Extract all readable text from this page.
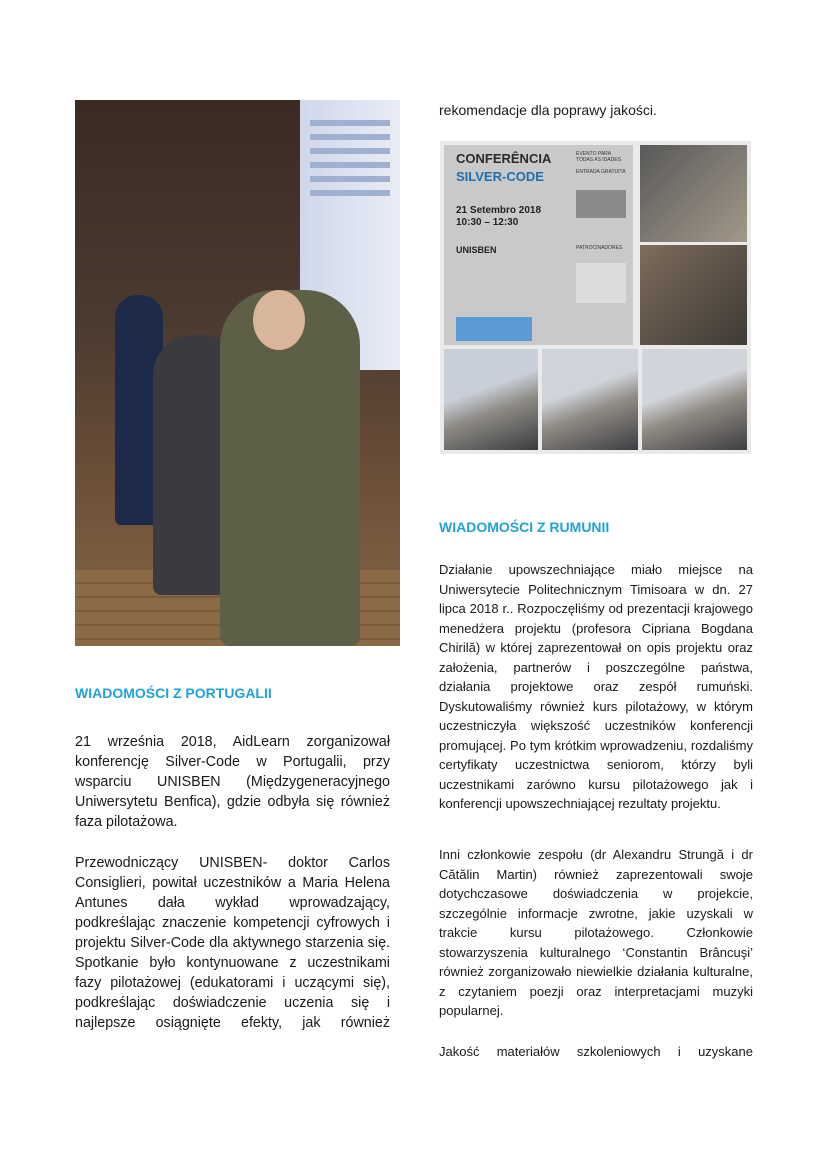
rekomendacje dla poprawy jakości.
CONFERÊNCIA
SILVER-CODE
21 Setembro 2018
10:30 – 12:30
UNISBEN
EVENTO PARA TODAS AS IDADES

ENTRADA GRATUITA
PATROCINADORES
WIADOMOŚCI Z RUMUNII

Działanie upowszechniające miało miejsce na Uniwersytecie Politechnicznym Timisoara w dn. 27 lipca 2018 r.. Rozpoczęliśmy od prezentacji krajowego menedżera projektu (profesora Cipriana Bogdana Chirilă) w której zaprezentował on opis projektu oraz założenia, partnerów i poszczególne państwa, działania projektowe oraz zespół rumuński. Dyskutowaliśmy również kurs pilotażowy, w którym uczestniczyła większość uczestników konferencji promującej. Po tym krótkim wprowadzeniu, rozdaliśmy certyfikaty uczestnictwa seniorom, którzy byli uczestnikami zarówno kursu pilotażowego jak i konferencji upowszechniającej rezultaty projektu.

Inni członkowie zespołu (dr Alexandru Strungă i dr Cătălin Martin) również zaprezentowali swoje dotychczasowe doświadczenia w projekcie, szczególnie informacje zwrotne, jakie uzyskali w trakcie kursu pilotażowego. Członkowie stowarzyszenia kulturalnego ‘Constantin Brâncuşi’ również zorganizowało niewielkie działania kulturalne, z czytaniem poezji oraz interpretacjami muzyki popularnej.

Jakość materiałów szkoleniowych i uzyskane

WIADOMOŚCI Z PORTUGALII

21 września 2018, AidLearn zorganizował konferencję Silver-Code w Portugalii, przy wsparciu UNISBEN (Międzygeneracyjnego Uniwersytetu Benfica), gdzie odbyła się również faza pilotażowa.

Przewodniczący UNISBEN- doktor Carlos Consiglieri, powitał uczestników a Maria Helena Antunes dała wykład wprowadzający, podkreślając znaczenie kompetencji cyfrowych i projektu Silver-Code dla aktywnego starzenia się. Spotkanie było kontynuowane z uczestnikami fazy pilotażowej (edukatorami i uczącymi się), podkreślając doświadczenie uczenia się i najlepsze osiągnięte efekty, jak również
